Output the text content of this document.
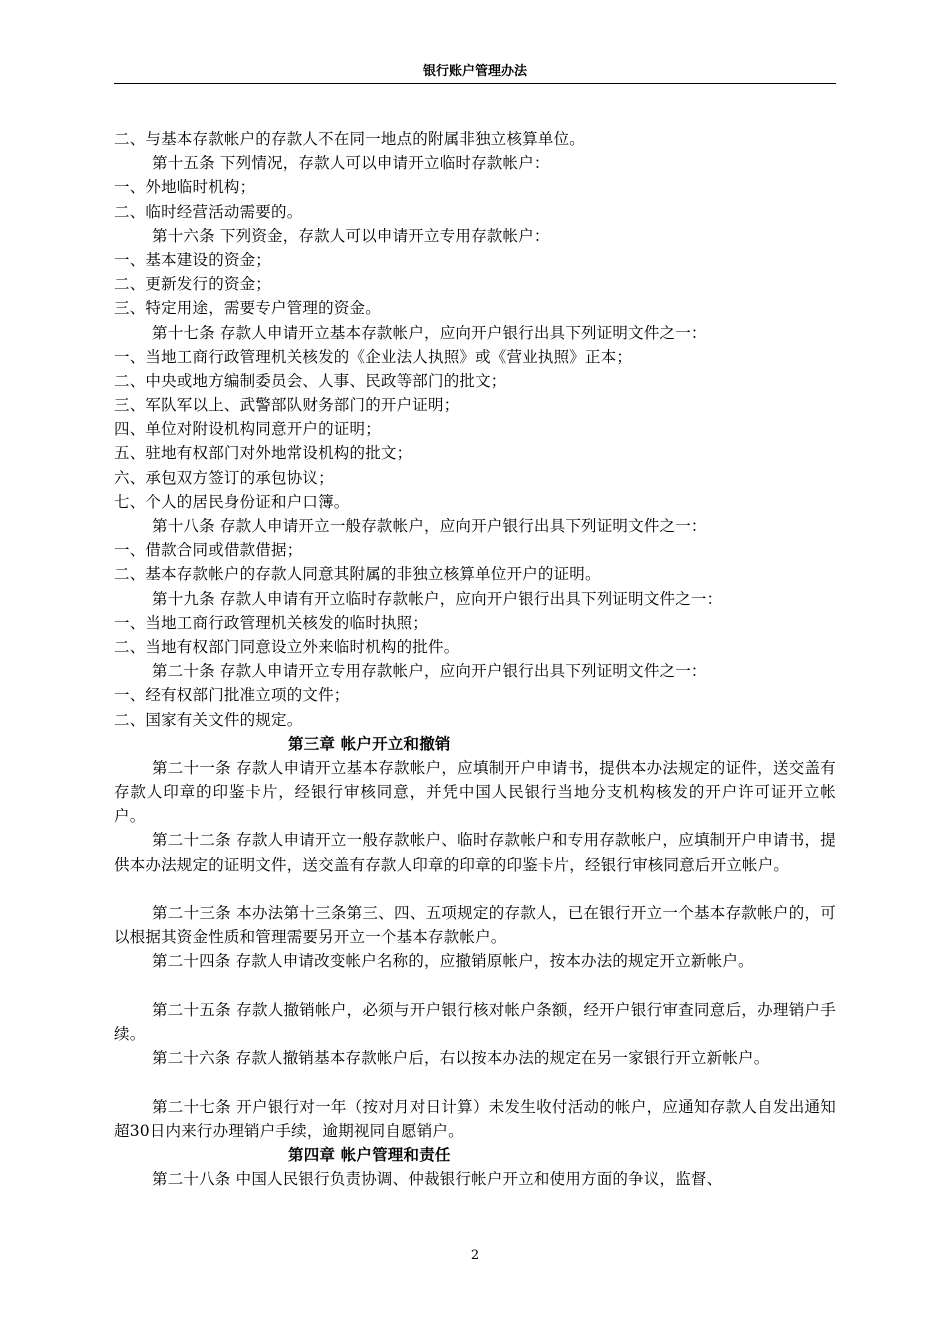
银行账户管理办法
二、与基本存款帐户的存款人不在同一地点的附属非独立核算单位。
第十五条 下列情况，存款人可以申请开立临时存款帐户：
一、外地临时机构；
二、临时经营活动需要的。
第十六条 下列资金，存款人可以申请开立专用存款帐户：
一、基本建设的资金；
二、更新发行的资金；
三、特定用途，需要专户管理的资金。
第十七条 存款人申请开立基本存款帐户，应向开户银行出具下列证明文件之一：
一、当地工商行政管理机关核发的《企业法人执照》或《营业执照》正本；
二、中央或地方编制委员会、人事、民政等部门的批文；
三、军队军以上、武警部队财务部门的开户证明；
四、单位对附设机构同意开户的证明；
五、驻地有权部门对外地常设机构的批文；
六、承包双方签订的承包协议；
七、个人的居民身份证和户口簿。
第十八条 存款人申请开立一般存款帐户，应向开户银行出具下列证明文件之一：
一、借款合同或借款借据；
二、基本存款帐户的存款人同意其附属的非独立核算单位开户的证明。
第十九条 存款人申请有开立临时存款帐户，应向开户银行出具下列证明文件之一：
一、当地工商行政管理机关核发的临时执照；
二、当地有权部门同意设立外来临时机构的批件。
第二十条 存款人申请开立专用存款帐户，应向开户银行出具下列证明文件之一：
一、经有权部门批准立项的文件；
二、国家有关文件的规定。
第三章 帐户开立和撤销
第二十一条 存款人申请开立基本存款帐户，应填制开户申请书，提供本办法规定的证件，送交盖有存款人印章的印鉴卡片，经银行审核同意，并凭中国人民银行当地分支机构核发的开户许可证开立帐户。
第二十二条 存款人申请开立一般存款帐户、临时存款帐户和专用存款帐户，应填制开户申请书，提供本办法规定的证明文件，送交盖有存款人印章的印章的印鉴卡片，经银行审核同意后开立帐户。
第二十三条 本办法第十三条第三、四、五项规定的存款人，已在银行开立一个基本存款帐户的，可以根据其资金性质和管理需要另开立一个基本存款帐户。
第二十四条 存款人申请改变帐户名称的，应撤销原帐户，按本办法的规定开立新帐户。
第二十五条 存款人撤销帐户，必须与开户银行核对帐户条额，经开户银行审查同意后，办理销户手续。
第二十六条 存款人撤销基本存款帐户后，右以按本办法的规定在另一家银行开立新帐户。
第二十七条 开户银行对一年（按对月对日计算）未发生收付活动的帐户，应通知存款人自发出通知超30日内来行办理销户手续，逾期视同自愿销户。
第四章 帐户管理和责任
第二十八条 中国人民银行负责协调、仲裁银行帐户开立和使用方面的争议，监督、
2
